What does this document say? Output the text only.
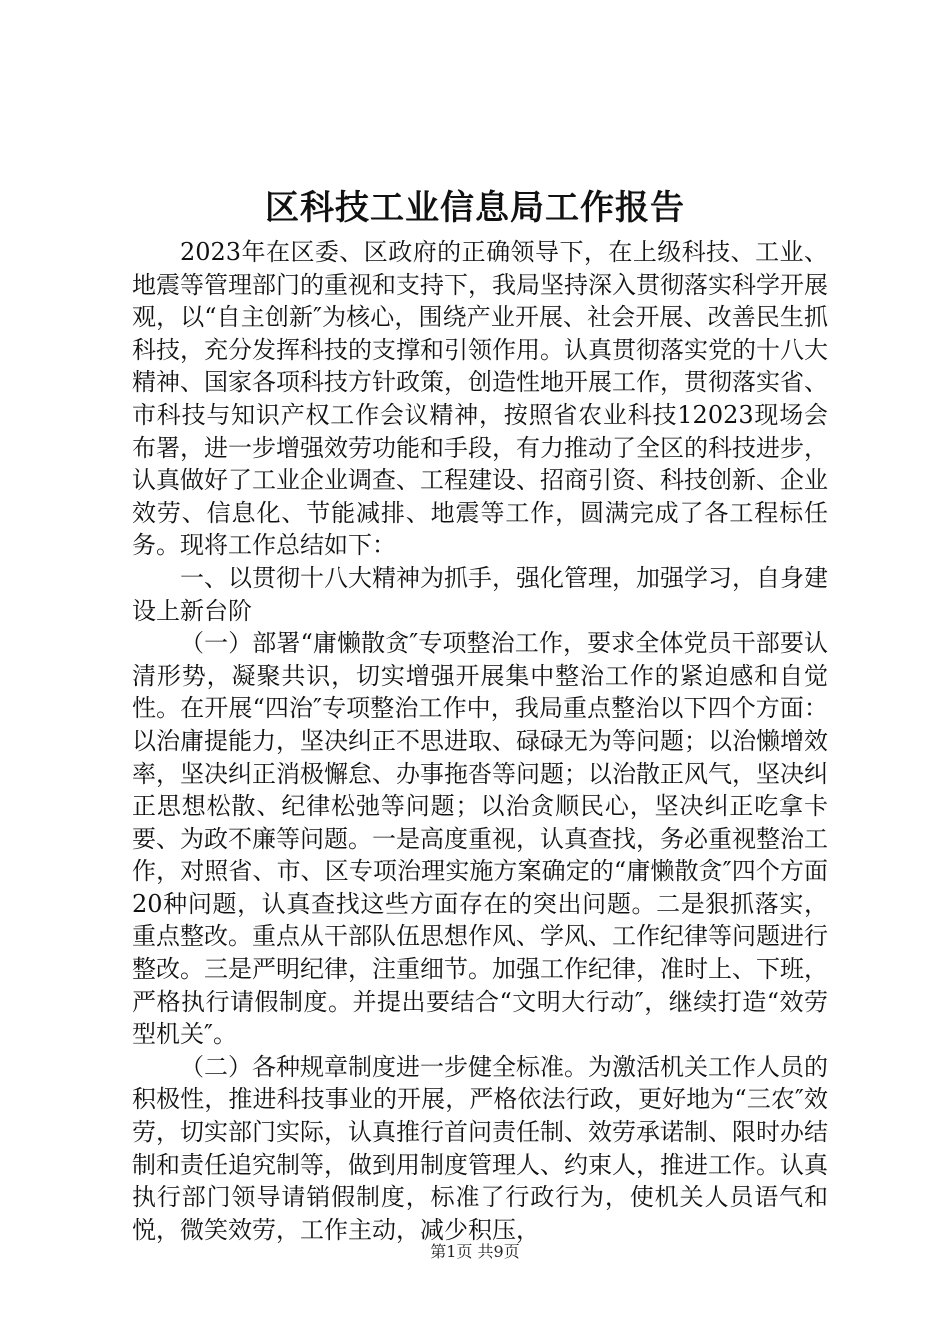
区科技工业信息局工作报告

2023年在区委、区政府的正确领导下，在上级科技、工业、地震等管理部门的重视和支持下，我局坚持深入贯彻落实科学开展观，以“自主创新″为核心，围绕产业开展、社会开展、改善民生抓科技，充分发挥科技的支撑和引领作用。认真贯彻落实党的十八大精神、国家各项科技方针政策，创造性地开展工作，贯彻落实省、市科技与知识产权工作会议精神，按照省农业科技12023现场会布署，进一步增强效劳功能和手段，有力推动了全区的科技进步，认真做好了工业企业调查、工程建设、招商引资、科技创新、企业效劳、信息化、节能减排、地震等工作，圆满完成了各工程标任务。现将工作总结如下：

一、以贯彻十八大精神为抓手，强化管理，加强学习，自身建设上新台阶

（一）部署“庸懒散贪″专项整治工作，要求全体党员干部要认清形势，凝聚共识，切实增强开展集中整治工作的紧迫感和自觉性。在开展“四治″专项整治工作中，我局重点整治以下四个方面：以治庸提能力，坚决纠正不思进取、碌碌无为等问题；以治懒增效率，坚决纠正消极懈怠、办事拖沓等问题；以治散正风气，坚决纠正思想松散、纪律松弛等问题；以治贪顺民心，坚决纠正吃拿卡要、为政不廉等问题。一是高度重视，认真查找，务必重视整治工作，对照省、市、区专项治理实施方案确定的“庸懒散贪″四个方面20种问题，认真查找这些方面存在的突出问题。二是狠抓落实，重点整改。重点从干部队伍思想作风、学风、工作纪律等问题进行整改。三是严明纪律，注重细节。加强工作纪律，准时上、下班，严格执行请假制度。并提出要结合“文明大行动″，继续打造“效劳型机关″。

（二）各种规章制度进一步健全标准。为激活机关工作人员的积极性，推进科技事业的开展，严格依法行政，更好地为“三农″效劳，切实部门实际，认真推行首问责任制、效劳承诺制、限时办结制和责任追究制等，做到用制度管理人、约束人，推进工作。认真执行部门领导请销假制度，标准了行政行为，使机关人员语气和悦，微笑效劳，工作主动，减少积压，

第1页 共9页
